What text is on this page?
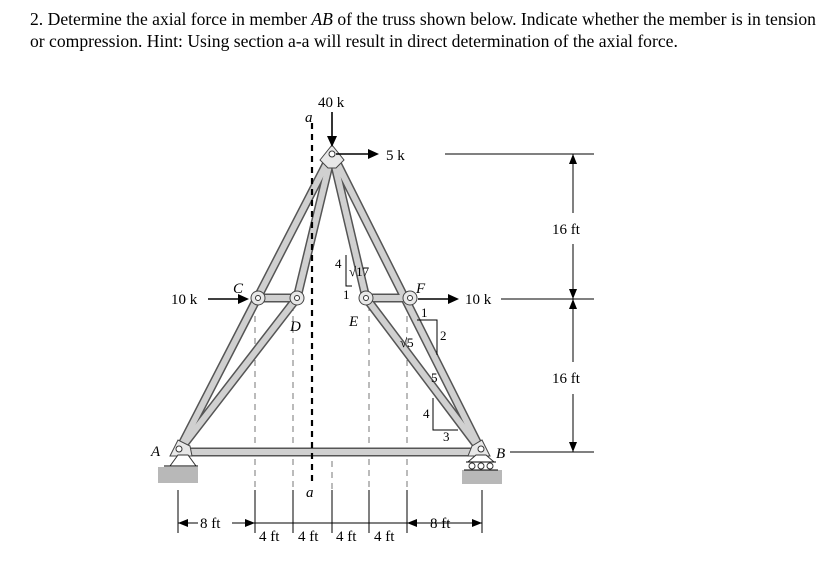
2. Determine the axial force in member AB of the truss shown below. Indicate whether the member is in tension or compression. Hint: Using section a-a will result in direct determination of the axial force.

a
a
40 k
5 k
10 k	10 k
A	B
C
D	E
F
4
1
√17
1
2
√5
4
3
5
16 ft
16 ft
8 ft
4 ft 4 ft 4 ft 4 ft
8 ft
